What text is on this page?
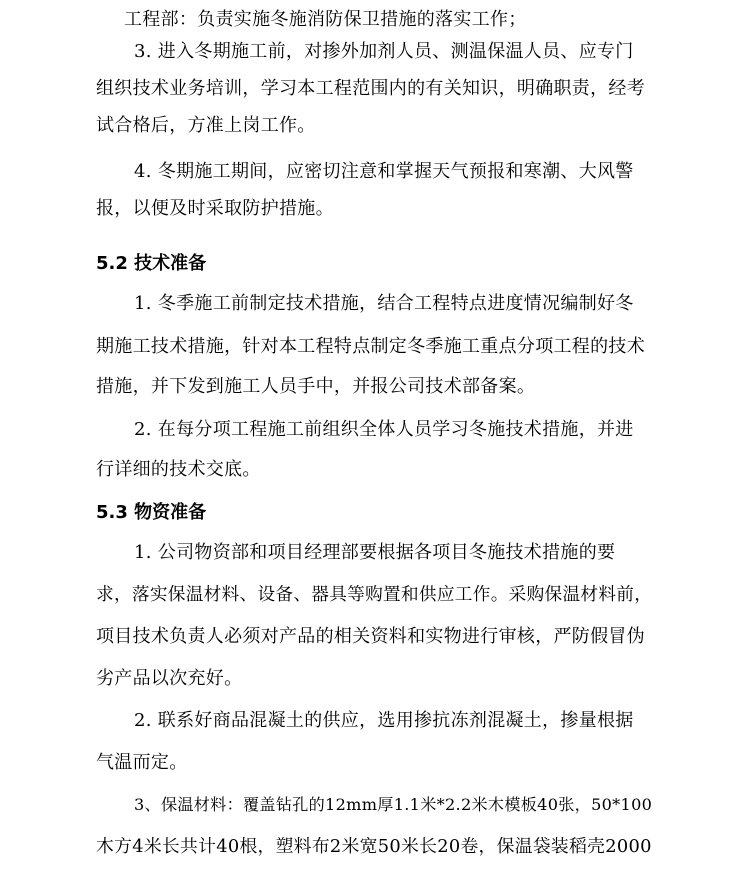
工程部：负责实施冬施消防保卫措施的落实工作；
3. 进入冬期施工前，对掺外加剂人员、测温保温人员、应专门
组织技术业务培训，学习本工程范围内的有关知识，明确职责，经考
试合格后，方准上岗工作。
4. 冬期施工期间，应密切注意和掌握天气预报和寒潮、大风警
报，以便及时采取防护措施。
5.2 技术准备
1. 冬季施工前制定技术措施，结合工程特点进度情况编制好冬
期施工技术措施，针对本工程特点制定冬季施工重点分项工程的技术
措施，并下发到施工人员手中，并报公司技术部备案。
2. 在每分项工程施工前组织全体人员学习冬施技术措施，并进
行详细的技术交底。
5.3 物资准备
1. 公司物资部和项目经理部要根据各项目冬施技术措施的要
求，落实保温材料、设备、器具等购置和供应工作。采购保温材料前，
项目技术负责人必须对产品的相关资料和实物进行审核，严防假冒伪
劣产品以次充好。
2. 联系好商品混凝土的供应，选用掺抗冻剂混凝土，掺量根据
气温而定。
3、保温材料：覆盖钻孔的12mm厚1.1米*2.2米木模板40张，50*100
木方4米长共计40根，塑料布2米宽50米长20卷，保温袋装稻壳2000
